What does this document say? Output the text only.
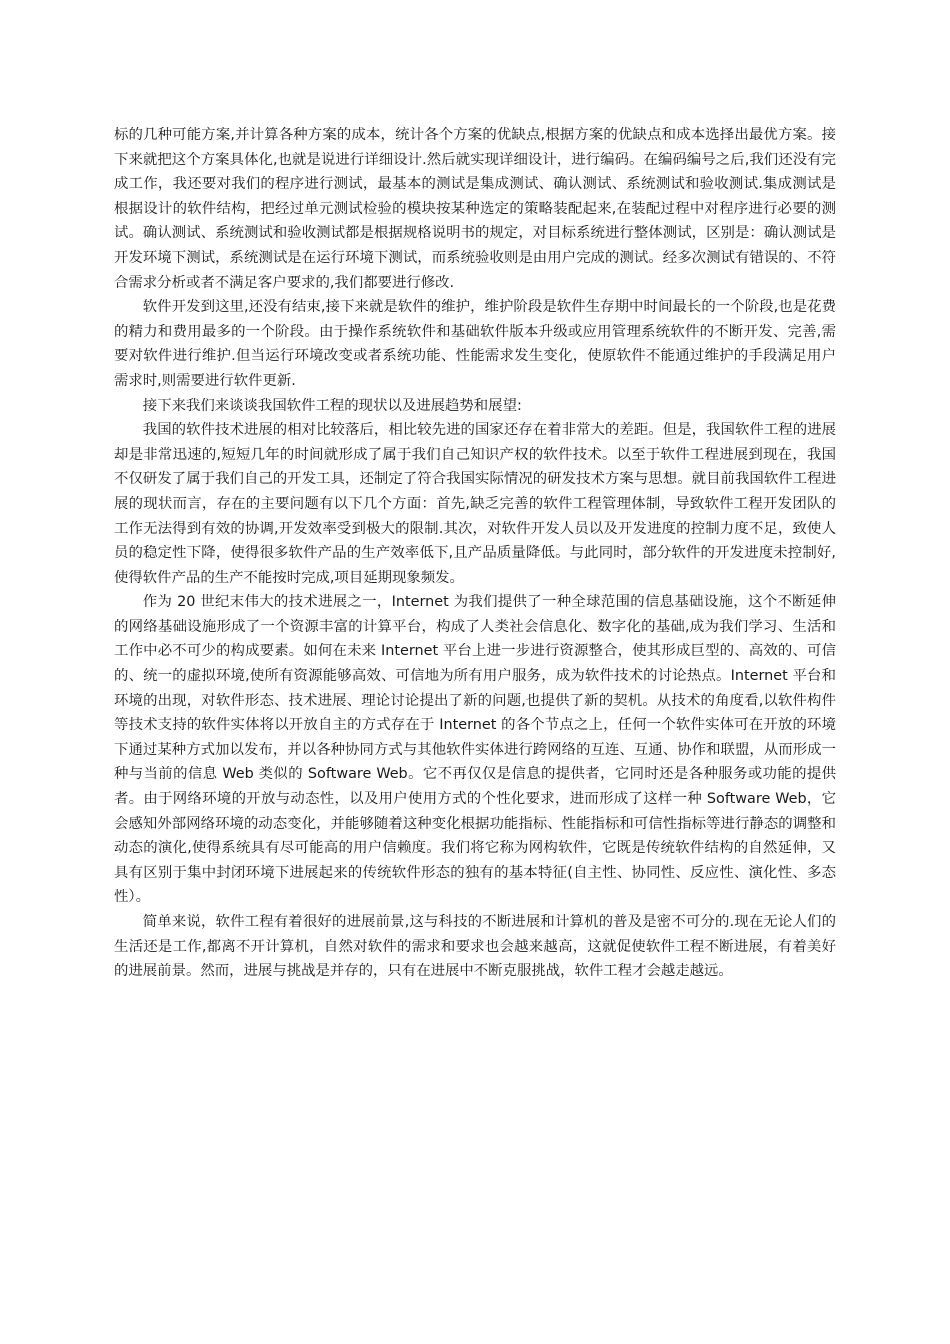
标的几种可能方案,并计算各种方案的成本，统计各个方案的优缺点,根据方案的优缺点和成本选择出最优方案。接下来就把这个方案具体化,也就是说进行详细设计.然后就实现详细设计，进行编码。在编码编号之后,我们还没有完成工作，我还要对我们的程序进行测试，最基本的测试是集成测试、确认测试、系统测试和验收测试.集成测试是根据设计的软件结构，把经过单元测试检验的模块按某种选定的策略装配起来,在装配过程中对程序进行必要的测试。确认测试、系统测试和验收测试都是根据规格说明书的规定，对目标系统进行整体测试，区别是：确认测试是开发环境下测试，系统测试是在运行环境下测试，而系统验收则是由用户完成的测试。经多次测试有错误的、不符合需求分析或者不满足客户要求的,我们都要进行修改.

软件开发到这里,还没有结束,接下来就是软件的维护，维护阶段是软件生存期中时间最长的一个阶段,也是花费的精力和费用最多的一个阶段。由于操作系统软件和基础软件版本升级或应用管理系统软件的不断开发、完善,需要对软件进行维护.但当运行环境改变或者系统功能、性能需求发生变化，使原软件不能通过维护的手段满足用户需求时,则需要进行软件更新.

接下来我们来谈谈我国软件工程的现状以及进展趋势和展望:

我国的软件技术进展的相对比较落后，相比较先进的国家还存在着非常大的差距。但是，我国软件工程的进展却是非常迅速的,短短几年的时间就形成了属于我们自己知识产权的软件技术。以至于软件工程进展到现在，我国不仅研发了属于我们自己的开发工具，还制定了符合我国实际情况的研发技术方案与思想。就目前我国软件工程进展的现状而言，存在的主要问题有以下几个方面：首先,缺乏完善的软件工程管理体制，导致软件工程开发团队的工作无法得到有效的协调,开发效率受到极大的限制.其次，对软件开发人员以及开发进度的控制力度不足，致使人员的稳定性下降，使得很多软件产品的生产效率低下,且产品质量降低。与此同时，部分软件的开发进度未控制好,使得软件产品的生产不能按时完成,项目延期现象频发。

作为 20 世纪末伟大的技术进展之一，Internet 为我们提供了一种全球范围的信息基础设施，这个不断延伸的网络基础设施形成了一个资源丰富的计算平台，构成了人类社会信息化、数字化的基础,成为我们学习、生活和工作中必不可少的构成要素。如何在未来 Internet 平台上进一步进行资源整合，使其形成巨型的、高效的、可信的、统一的虚拟环境,使所有资源能够高效、可信地为所有用户服务，成为软件技术的讨论热点。Internet 平台和环境的出现，对软件形态、技术进展、理论讨论提出了新的问题,也提供了新的契机。从技术的角度看,以软件构件等技术支持的软件实体将以开放自主的方式存在于 Internet 的各个节点之上，任何一个软件实体可在开放的环境下通过某种方式加以发布，并以各种协同方式与其他软件实体进行跨网络的互连、互通、协作和联盟，从而形成一种与当前的信息 Web 类似的 Software Web。它不再仅仅是信息的提供者，它同时还是各种服务或功能的提供者。由于网络环境的开放与动态性，以及用户使用方式的个性化要求，进而形成了这样一种 Software Web，它会感知外部网络环境的动态变化，并能够随着这种变化根据功能指标、性能指标和可信性指标等进行静态的调整和动态的演化,使得系统具有尽可能高的用户信赖度。我们将它称为网构软件，它既是传统软件结构的自然延伸，又具有区别于集中封闭环境下进展起来的传统软件形态的独有的基本特征(自主性、协同性、反应性、演化性、多态性）。

简单来说，软件工程有着很好的进展前景,这与科技的不断进展和计算机的普及是密不可分的.现在无论人们的生活还是工作,都离不开计算机，自然对软件的需求和要求也会越来越高，这就促使软件工程不断进展，有着美好的进展前景。然而，进展与挑战是并存的，只有在进展中不断克服挑战，软件工程才会越走越远。
